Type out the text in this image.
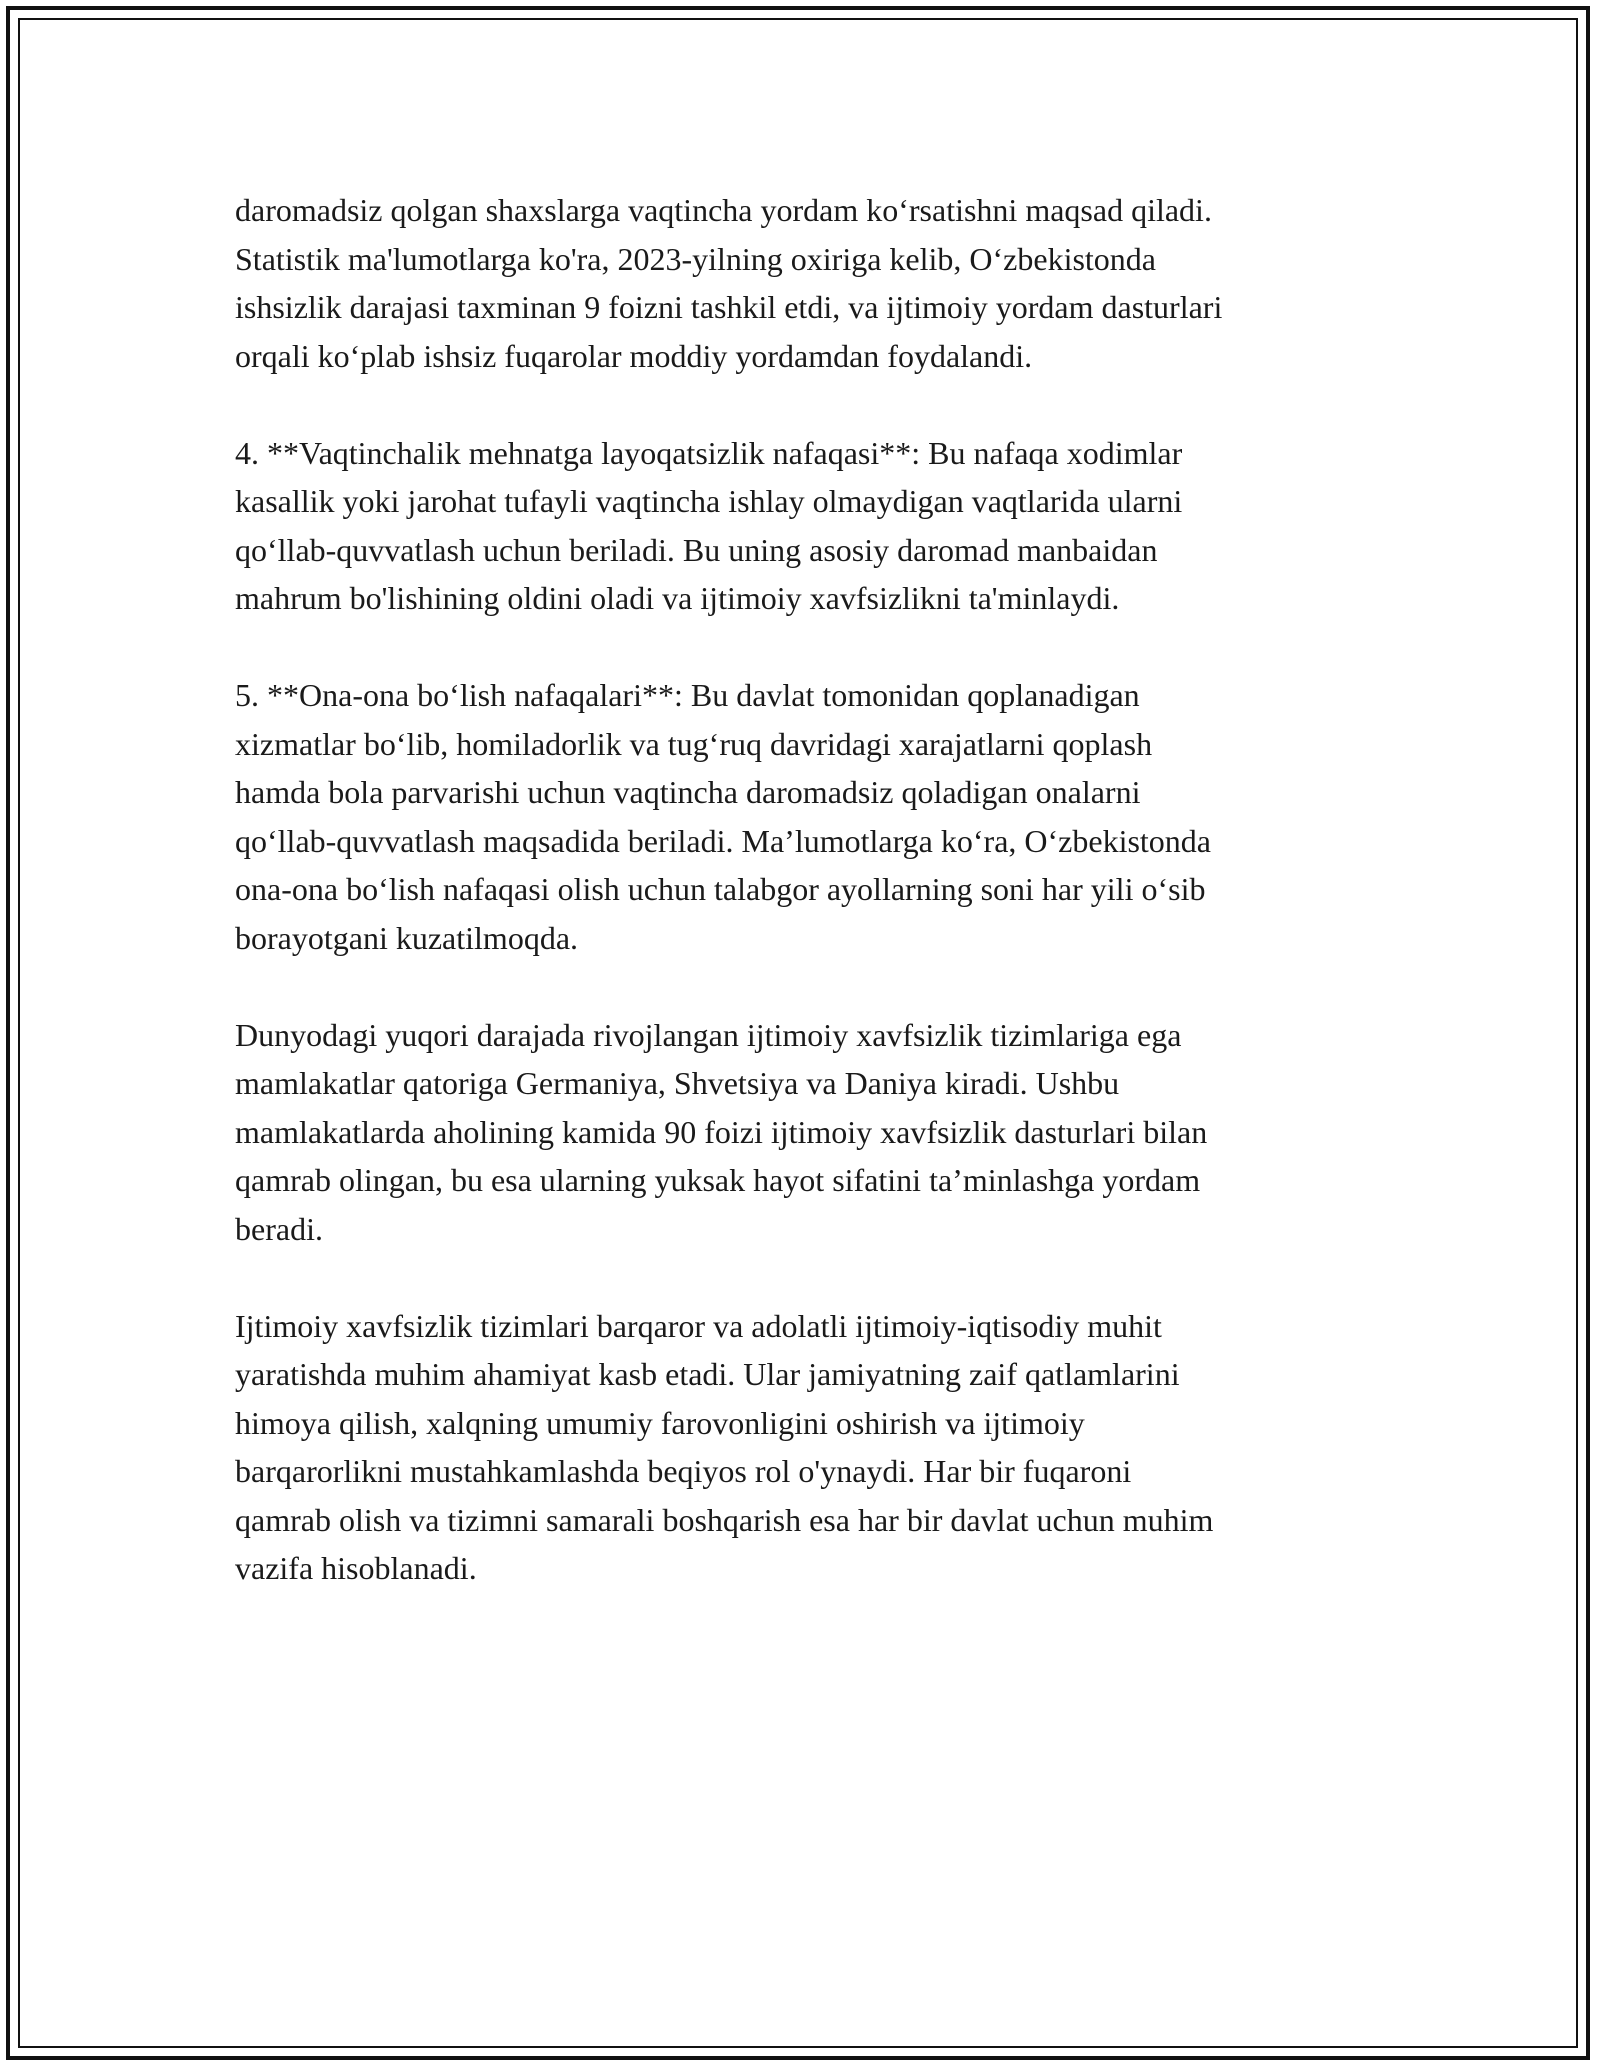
daromadsiz qolgan shaxslarga vaqtincha yordam koʻrsatishni maqsad qiladi.
Statistik ma'lumotlarga ko'ra, 2023-yilning oxiriga kelib, Oʻzbekistonda
ishsizlik darajasi taxminan 9 foizni tashkil etdi, va ijtimoiy yordam dasturlari
orqali koʻplab ishsiz fuqarolar moddiy yordamdan foydalandi.

4. **Vaqtinchalik mehnatga layoqatsizlik nafaqasi**: Bu nafaqa xodimlar
kasallik yoki jarohat tufayli vaqtincha ishlay olmaydigan vaqtlarida ularni
qoʻllab-quvvatlash uchun beriladi. Bu uning asosiy daromad manbaidan
mahrum bo'lishining oldini oladi va ijtimoiy xavfsizlikni ta'minlaydi.

5. **Ona-ona boʻlish nafaqalari**: Bu davlat tomonidan qoplanadigan
xizmatlar boʻlib, homiladorlik va tugʻruq davridagi xarajatlarni qoplash
hamda bola parvarishi uchun vaqtincha daromadsiz qoladigan onalarni
qoʻllab-quvvatlash maqsadida beriladi. Maʼlumotlarga koʻra, Oʻzbekistonda
ona-ona boʻlish nafaqasi olish uchun talabgor ayollarning soni har yili oʻsib
borayotgani kuzatilmoqda.

Dunyodagi yuqori darajada rivojlangan ijtimoiy xavfsizlik tizimlariga ega
mamlakatlar qatoriga Germaniya, Shvetsiya va Daniya kiradi. Ushbu
mamlakatlarda aholining kamida 90 foizi ijtimoiy xavfsizlik dasturlari bilan
qamrab olingan, bu esa ularning yuksak hayot sifatini taʼminlashga yordam
beradi.

Ijtimoiy xavfsizlik tizimlari barqaror va adolatli ijtimoiy-iqtisodiy muhit
yaratishda muhim ahamiyat kasb etadi. Ular jamiyatning zaif qatlamlarini
himoya qilish, xalqning umumiy farovonligini oshirish va ijtimoiy
barqarorlikni mustahkamlashda beqiyos rol o'ynaydi. Har bir fuqaroni
qamrab olish va tizimni samarali boshqarish esa har bir davlat uchun muhim
vazifa hisoblanadi.
